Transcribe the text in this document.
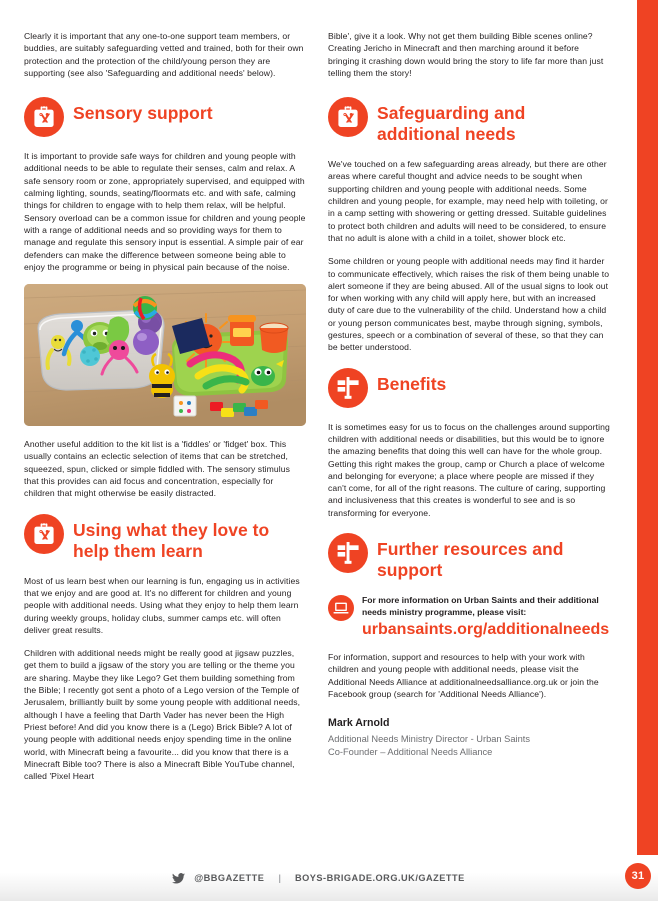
Clearly it is important that any one-to-one support team members, or buddies, are suitably safeguarding vetted and trained, both for their own protection and the protection of the child/young person they are supporting (see also 'Safeguarding and additional needs' below).

Sensory support

It is important to provide safe ways for children and young people with additional needs to be able to regulate their senses, calm and relax. A safe sensory room or zone, appropriately supervised, and equipped with calming lighting, sounds, seating/floormats etc. and with safe, calming things for children to engage with to help them relax, will be helpful. Sensory overload can be a common issue for children and young people with a range of additional needs and so providing ways for them to manage and regulate this sensory input is essential. A simple pair of ear defenders can make the difference between someone being able to enjoy the programme or being in physical pain because of the noise.

Another useful addition to the kit list is a 'fiddles' or 'fidget' box. This usually contains an eclectic selection of items that can be stretched, squeezed, spun, clicked or simple fiddled with. The sensory stimulus that this provides can aid focus and concentration, especially for children that might otherwise be easily distracted.

Using what they love to help them learn

Most of us learn best when our learning is fun, engaging us in activities that we enjoy and are good at. It's no different for children and young people with additional needs. Using what they enjoy to help them learn during weekly groups, holiday clubs, summer camps etc. will often deliver great results.

Children with additional needs might be really good at jigsaw puzzles, get them to build a jigsaw of the story you are telling or the theme you are sharing. Maybe they like Lego? Get them building something from the Bible; I recently got sent a photo of a Lego version of the Temple of Jerusalem, brilliantly built by some young people with additional needs, although I have a feeling that Darth Vader has never been the High Priest before! And did you know there is a (Lego) Brick Bible? A lot of young people with additional needs enjoy spending time in the online world, with Minecraft being a favourite... did you know that there is a Minecraft Bible too? There is also a Minecraft Bible YouTube channel, called 'Pixel Heart

Bible', give it a look. Why not get them building Bible scenes online? Creating Jericho in Minecraft and then marching around it before bringing it crashing down would bring the story to life far more than just telling them the story!

Safeguarding and additional needs

We've touched on a few safeguarding areas already, but there are other areas where careful thought and advice needs to be sought when supporting children and young people with additional needs. Some children and young people, for example, may need help with toileting, or in a camp setting with showering or getting dressed. Suitable guidelines to protect both children and adults will need to be considered, to ensure that no adult is alone with a child in a toilet, shower block etc.

Some children or young people with additional needs may find it harder to communicate effectively, which raises the risk of them being unable to alert someone if they are being abused. All of the usual signs to look out for when working with any child will apply here, but with an increased duty of care due to the vulnerability of the child. Understand how a child or young person communicates best, maybe through signing, symbols, gestures, speech or a combination of several of these, so that they can be better understood.

Benefits

It is sometimes easy for us to focus on the challenges around supporting children with additional needs or disabilities, but this would be to ignore the amazing benefits that doing this well can have for the whole group. Getting this right makes the group, camp or Church a place of welcome and belonging for everyone; a place where people are missed if they can't come, for all of the right reasons. The culture of caring, supporting and inclusiveness that this creates is wonderful to see and is so transforming for everyone.

Further resources and support
For more information on Urban Saints and their additional needs ministry programme, please visit:
urbansaints.org/additionalneeds

For information, support and resources to help with your work with children and young people with additional needs, please visit the Additional Needs Alliance at additionalneedsalliance.org.uk or join the Facebook group (search for 'Additional Needs Alliance').

Mark Arnold
Additional Needs Ministry Director - Urban Saints
Co-Founder – Additional Needs Alliance
@BBGAZETTE	|	BOYS-BRIGADE.ORG.UK/GAZETTE	31
